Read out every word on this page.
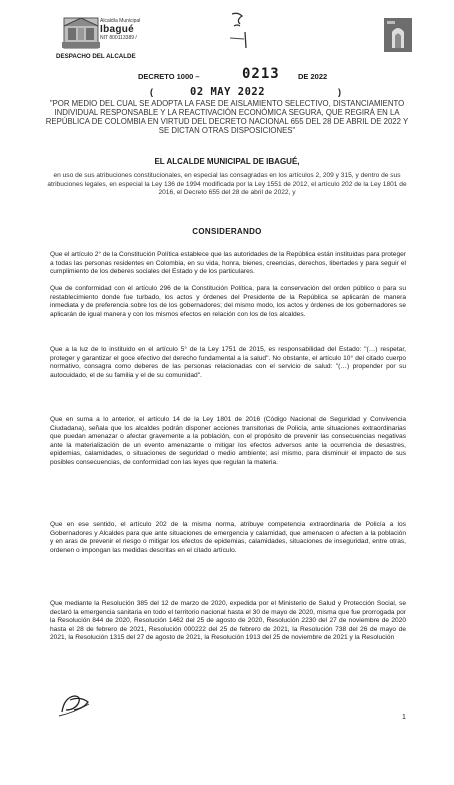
Alcaldía Municipal
Ibagué
NIT 800113389 /
DESPACHO DEL ALCALDE
DECRETO 1000 –	0213 DE 2022
(	02 MAY 2022	)
"POR MEDIO DEL CUAL SE ADOPTA LA FASE DE AISLAMIENTO SELECTIVO, DISTANCIAMIENTO INDIVIDUAL RESPONSABLE Y LA REACTIVACIÓN ECONÓMICA SEGURA, QUE REGIRÁ EN LA REPÚBLICA DE COLOMBIA EN VIRTUD DEL DECRETO NACIONAL 655 DEL 28 DE ABRIL DE 2022 Y SE DICTAN OTRAS DISPOSICIONES"
EL ALCALDE MUNICIPAL DE IBAGUÉ,
en uso de sus atribuciones constitucionales, en especial las consagradas en los artículos 2, 209 y 315, y dentro de sus atribuciones legales, en especial la Ley 136 de 1994 modificada por la Ley 1551 de 2012, el artículo 202 de la Ley 1801 de 2016, el Decreto 655 del 28 de abril de 2022, y
CONSIDERANDO
Que el artículo 2° de la Constitución Política establece que las autoridades de la República están instituidas para proteger a todas las personas residentes en Colombia, en su vida, honra, bienes, creencias, derechos, libertades y para seguir el cumplimiento de los deberes sociales del Estado y de los particulares.
Que de conformidad con el artículo 296 de la Constitución Política, para la conservación del orden público o para su restablecimiento donde fue turbado, los actos y órdenes del Presidente de la República se aplicarán de manera inmediata y de preferencia sobre los de los gobernadores; del mismo modo, los actos y órdenes de los gobernadores se aplicarán de igual manera y con los mismos efectos en relación con los de los alcaldes.
Que a la luz de lo instituido en el artículo 5° de la Ley 1751 de 2015, es responsabilidad del Estado: "(…) respetar, proteger y garantizar el goce efectivo del derecho fundamental a la salud". No obstante, el artículo 10° del citado cuerpo normativo, consagra como deberes de las personas relacionadas con el servicio de salud: "(…) propender por su autocuidado, el de su familia y el de su comunidad".
Que en suma a lo anterior, el artículo 14 de la Ley 1801 de 2016 (Código Nacional de Seguridad y Convivencia Ciudadana), señala que los alcaldes podrán disponer acciones transitorias de Policía, ante situaciones extraordinarias que puedan amenazar o afectar gravemente a la población, con el propósito de prevenir las consecuencias negativas ante la materialización de un evento amenazante o mitigar los efectos adversos ante la ocurrencia de desastres, epidemias, calamidades, o situaciones de seguridad o medio ambiente; así mismo, para disminuir el impacto de sus posibles consecuencias, de conformidad con las leyes que regulan la materia.
Que en ese sentido, el artículo 202 de la misma norma, atribuye competencia extraordinaria de Policía a los Gobernadores y Alcaldes para que ante situaciones de emergencia y calamidad, que amenacen o afecten a la población y en aras de prevenir el riesgo o mitigar los efectos de epidemias, calamidades, situaciones de inseguridad, entre otras, ordenen o impongan las medidas descritas en el citado artículo.
Que mediante la Resolución 385 del 12 de marzo de 2020, expedida por el Ministerio de Salud y Protección Social, se declaró la emergencia sanitaria en todo el territorio nacional hasta el 30 de mayo de 2020, misma que fue prorrogada por la Resolución 844 de 2020, Resolución 1462 del 25 de agosto de 2020, Resolución 2230 del 27 de noviembre de 2020 hasta el 28 de febrero de 2021, Resolución 000222 del 25 de febrero de 2021, la Resolución 738 del 26 de mayo de 2021, la Resolución 1315 del 27 de agosto de 2021, la Resolución 1913 del 25 de noviembre de 2021 y la Resolución
1
